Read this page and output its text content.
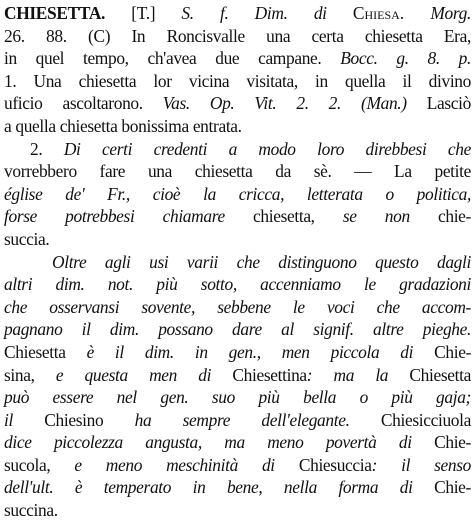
CHIESETTA. [T.] S. f. Dim. di Chiesa. Morg.
26. 88. (C) In Roncisvalle una certa chiesetta Era,
in quel tempo, ch'avea due campane. Bocc. g. 8. p.
1. Una chiesetta lor vicina visitata, in quella il divino
uficio ascoltarono. Vas. Op. Vit. 2. 2. (Man.) Lasciò
a quella chiesetta bonissima entrata.
2. Di certi credenti a modo loro direbbesi che
vorrebbero fare una chiesetta da sè. — La petite
église de' Fr., cioè la cricca, letterata o politica,
forse potrebbesi chiamare chiesetta, se non chie-
succia.
Oltre agli usi varii che distinguono questo dagli
altri dim. not. più sotto, accenniamo le gradazioni
che osservansi sovente, sebbene le voci che accom-
pagnano il dim. possano dare al signif. altre pieghe.
Chiesetta è il dim. in gen., men piccola di Chie-
sina, e questa men di Chiesettina: ma la Chiesetta
può essere nel gen. suo più bella o più gaja;
il Chiesino ha sempre dell'elegante. Chiesicciuola
dice piccolezza angusta, ma meno povertà di Chie-
sucola, e meno meschinità di Chiesuccia: il senso
dell'ult. è temperato in bene, nella forma di Chie-
succina.
